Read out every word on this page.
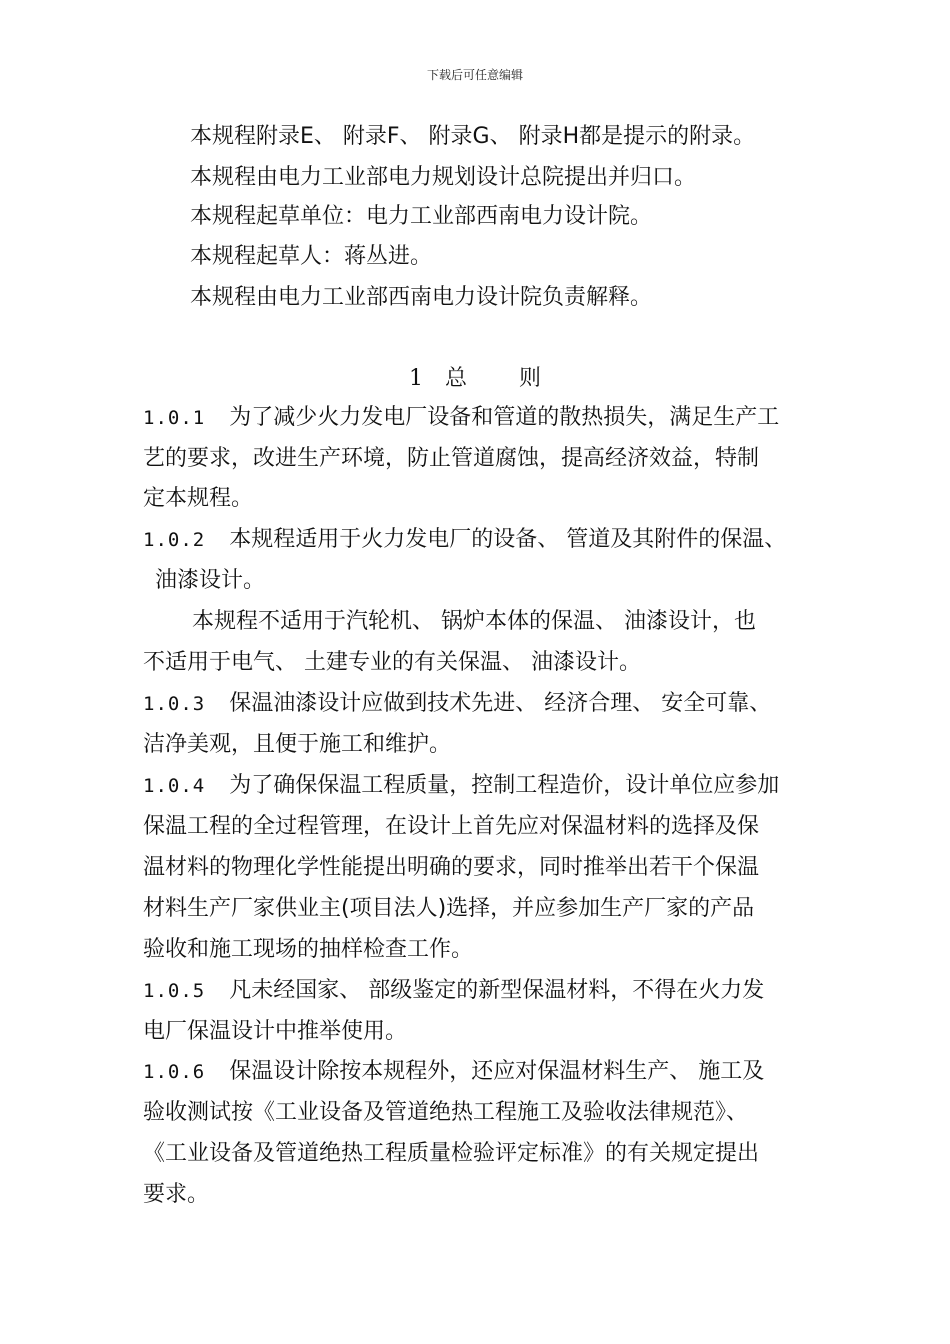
下载后可任意编辑
本规程附录E、 附录F、 附录G、 附录H都是提示的附录。
本规程由电力工业部电力规划设计总院提出并归口。
本规程起草单位：电力工业部西南电力设计院。
本规程起草人：蒋丛进。
本规程由电力工业部西南电力设计院负责解释。
1 总 则
1.0.1 为了减少火力发电厂设备和管道的散热损失，满足生产工
艺的要求，改进生产环境，防止管道腐蚀，提高经济效益，特制
定本规程。
1.0.2 本规程适用于火力发电厂的设备、 管道及其附件的保温、
油漆设计。
本规程不适用于汽轮机、 锅炉本体的保温、 油漆设计，也
不适用于电气、 土建专业的有关保温、 油漆设计。
1.0.3 保温油漆设计应做到技术先进、 经济合理、 安全可靠、
洁净美观，且便于施工和维护。
1.0.4 为了确保保温工程质量，控制工程造价，设计单位应参加
保温工程的全过程管理，在设计上首先应对保温材料的选择及保
温材料的物理化学性能提出明确的要求，同时推举出若干个保温
材料生产厂家供业主(项目法人)选择，并应参加生产厂家的产品
验收和施工现场的抽样检查工作。
1.0.5 凡未经国家、 部级鉴定的新型保温材料，不得在火力发
电厂保温设计中推举使用。
1.0.6 保温设计除按本规程外，还应对保温材料生产、 施工及
验收测试按《工业设备及管道绝热工程施工及验收法律规范》、
《工业设备及管道绝热工程质量检验评定标准》的有关规定提出
要求。
